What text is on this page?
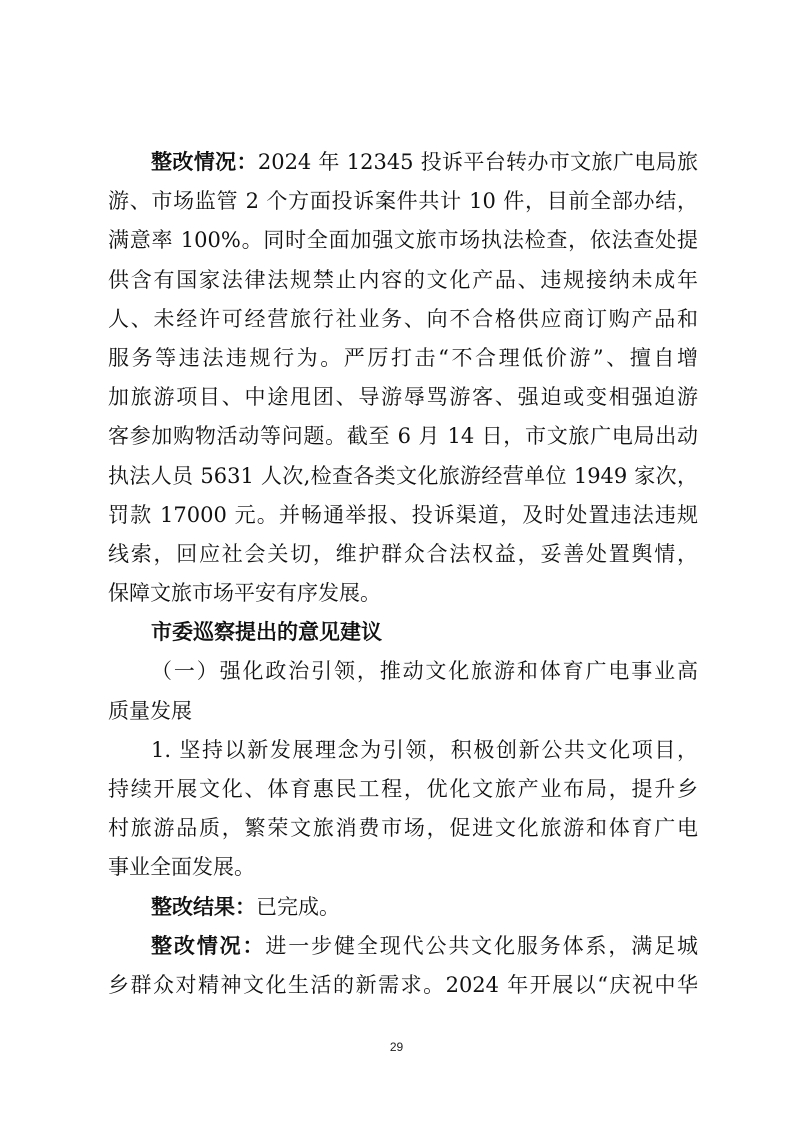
整改情况：2024 年 12345 投诉平台转办市文旅广电局旅
游、市场监管 2 个方面投诉案件共计 10 件，目前全部办结，
满意率 100%。同时全面加强文旅市场执法检查，依法查处提
供含有国家法律法规禁止内容的文化产品、违规接纳未成年
人、未经许可经营旅行社业务、向不合格供应商订购产品和
服务等违法违规行为。严厉打击“不合理低价游”、擅自增
加旅游项目、中途甩团、导游辱骂游客、强迫或变相强迫游
客参加购物活动等问题。截至 6 月 14 日，市文旅广电局出动
执法人员 5631 人次,检查各类文化旅游经营单位 1949 家次，
罚款 17000 元。并畅通举报、投诉渠道，及时处置违法违规
线索，回应社会关切，维护群众合法权益，妥善处置舆情，
保障文旅市场平安有序发展。
市委巡察提出的意见建议
（一）强化政治引领，推动文化旅游和体育广电事业高
质量发展
1. 坚持以新发展理念为引领，积极创新公共文化项目，
持续开展文化、体育惠民工程，优化文旅产业布局，提升乡
村旅游品质，繁荣文旅消费市场，促进文化旅游和体育广电
事业全面发展。
整改结果：已完成。
整改情况：进一步健全现代公共文化服务体系，满足城
乡群众对精神文化生活的新需求。2024 年开展以“庆祝中华
29
